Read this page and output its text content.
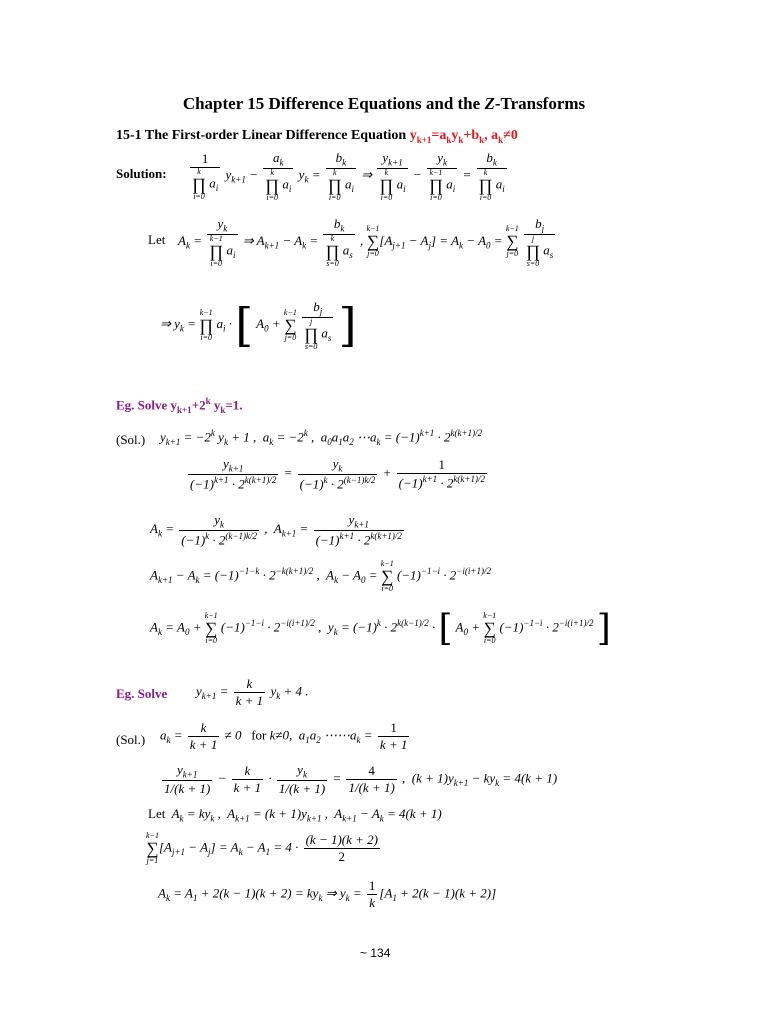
Chapter 15 Difference Equations and the Z-Transforms
15-1 The First-order Linear Difference Equation $y_{k+1}=a_ky_k+b_k$, $a_k\ne 0$
Solution: 1
k
∏
i=0
$a_i$ $y_{k+1} - a_k$
k
∏
i=0
$a_i$ $y_k = b_k$
k
∏
i=0
$a_i$ ⇒ $y_{k+1}$
k
∏
i=0
$a_i - y_k$
k−1
∏
i=0
$a_i = b_k$
k
∏
i=0
$a_i$
Let $A_k = y_k$
k−1
∏
i=0
$a_i$ ⇒ $A_{k+1} - A_k = b_k$
k
∏
s=0
$a_s$ ,
k−1
∑
j=0
$[A_{j+1} - A_j] = A_k - A_0$ =
k−1
∑
j=0
$b_j$
j
∏
s=0
$a_s$
⇒ $y_k$ =
k−1
∏
i=0
$a_i$ · [ $A_0$ +
k−1
∑
j=0
$b_j$
j
∏
s=0
$a_s$ ]
Eg. Solve $y_{k+1}+2^k$ $y_k=1$.
(Sol.) $y_{k+1} = -2^k$ $y_k + 1$ ,  $a_k = -2^k$ ,  $a_0a_1a_2$ $\cdots a_k = (-1)^{k+1} \cdot 2^{k(k+1)/2}$
$\frac{y_{k+1}}{(-1)^{k+1} \cdot 2^{k(k+1)/2}} = \frac{y_k}{(-1)^k \cdot 2^{(k-1)k/2}} + \frac{1}{(-1)^{k+1} \cdot 2^{k(k+1)/2}}$
$A_k = \frac{y_k}{(-1)^k \cdot 2^{(k-1)k/2}}$ ,  $A_{k+1} = \frac{y_{k+1}}{(-1)^{k+1} \cdot 2^{k(k+1)/2}}$
$A_{k+1} - A_k = (-1)^{-1-k} \cdot 2^{-k(k+1)/2}$ ,  $A_k - A_0$ =
k−1
∑
i=0
$(-1)^{-1-i} \cdot 2^{-i(i+1)/2}$
$A_k = A_0$ +
k−1
∑
i=0
$(-1)^{-1-i} \cdot 2^{-i(i+1)/2}$ ,  $y_k = (-1)^k \cdot 2^{k(k-1)/2}$ · [ $A_0$ +
k−1
∑
i=0
$(-1)^{-1-i} \cdot 2^{-i(i+1)/2}$ ]
Eg. Solve $y_{k+1} = \frac{k}{k + 1} y_k + 4$ .
(Sol.) $a_k = \frac{k}{k + 1} \ne 0$   for k≠0,  $a_1a_2$ $\cdots\cdots a_k = \frac{1}{k + 1}$
$\frac{y_{k+1}}{1/(k + 1)} - \frac{k}{k + 1} \cdot \frac{y_k}{1/(k + 1)} = \frac{4}{1/(k + 1)}$ ,  $(k + 1)y_{k+1} - ky_k = 4(k + 1)$
Let  $A_k = ky_k$ ,  $A_{k+1} = (k + 1)y_{k+1}$ ,  $A_{k+1} - A_k = 4(k + 1)$
k−1
∑
j=1
$[A_{j+1} - A_j] = A_k - A_1 = 4 \cdot \frac{(k - 1)(k + 2)}{2}$
$A_k = A_1 + 2(k - 1)(k + 2) = ky_k$ ⇒ $y_k = \frac{1}{k} [A_1 + 2(k - 1)(k + 2)]$
~ 134
